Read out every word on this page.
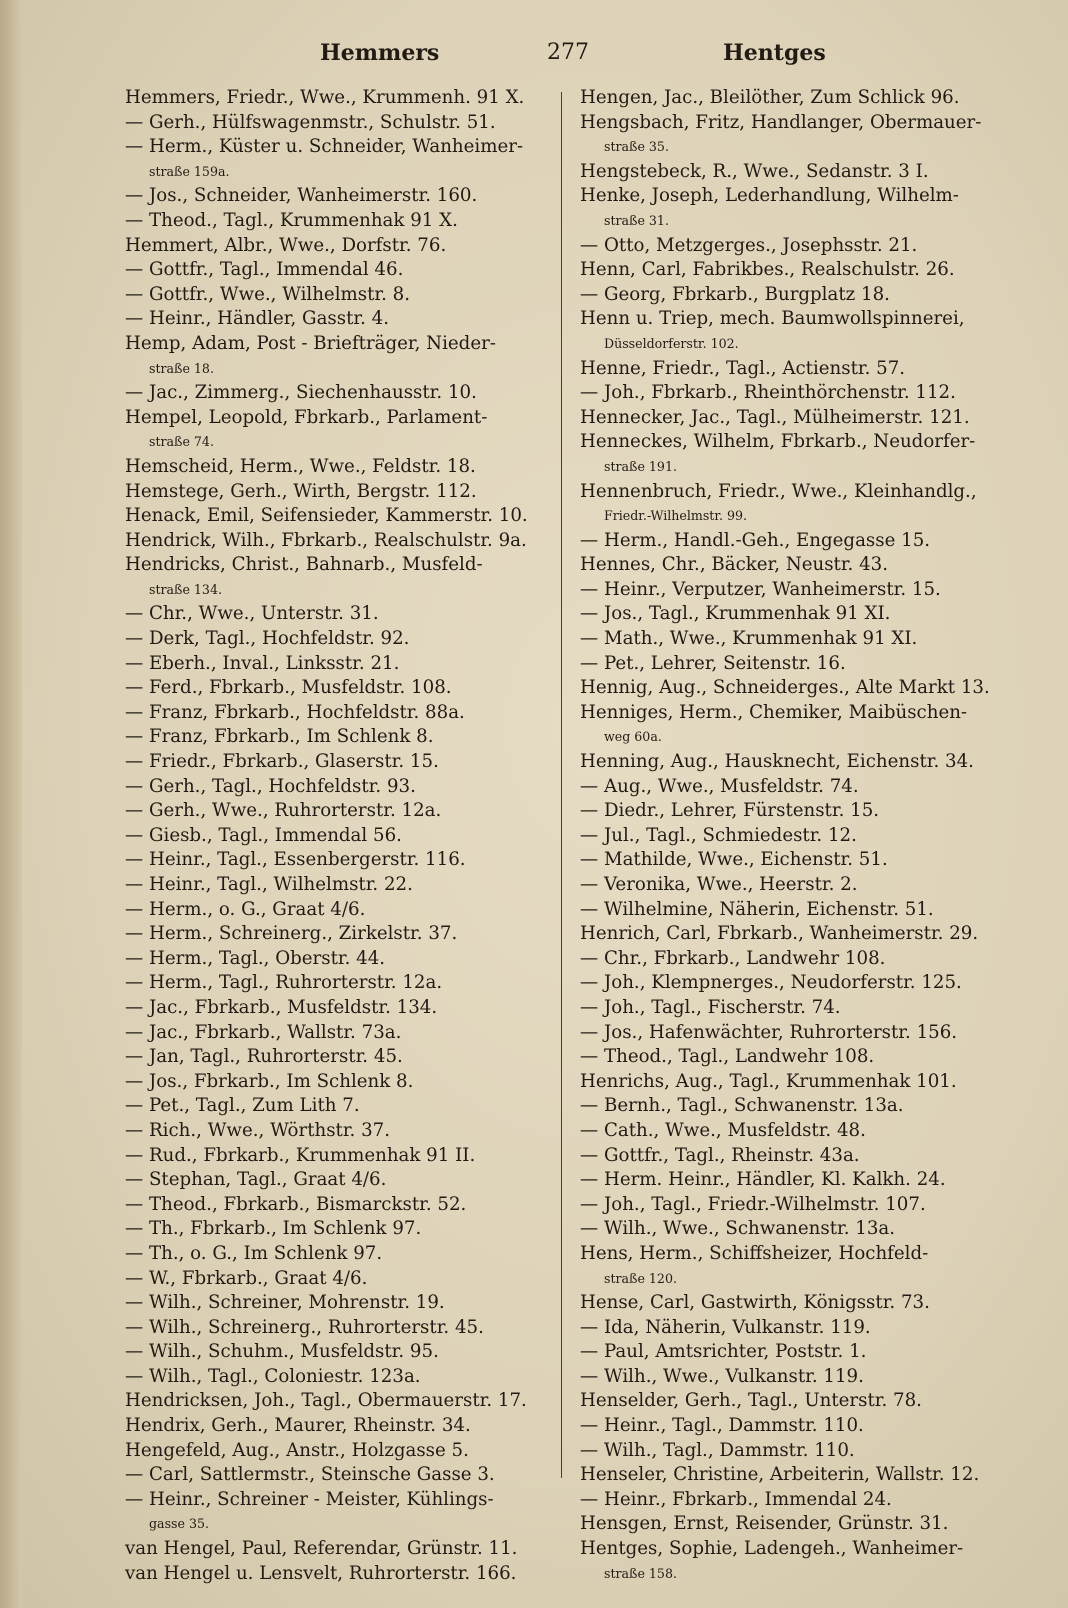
Hemmers	277	Hentges
Hemmers, Friedr., Wwe., Krummenh. 91 X.
— Gerh., Hülfswagenmstr., Schulstr. 51.
— Herm., Küster u. Schneider, Wanheimer-
straße 159a.
— Jos., Schneider, Wanheimerstr. 160.
— Theod., Tagl., Krummenhak 91 X.
Hemmert, Albr., Wwe., Dorfstr. 76.
— Gottfr., Tagl., Immendal 46.
— Gottfr., Wwe., Wilhelmstr. 8.
— Heinr., Händler, Gasstr. 4.
Hemp, Adam, Post - Briefträger, Nieder-
straße 18.
— Jac., Zimmerg., Siechenhausstr. 10.
Hempel, Leopold, Fbrkarb., Parlament-
straße 74.
Hemscheid, Herm., Wwe., Feldstr. 18.
Hemstege, Gerh., Wirth, Bergstr. 112.
Henack, Emil, Seifensieder, Kammerstr. 10.
Hendrick, Wilh., Fbrkarb., Realschulstr. 9a.
Hendricks, Christ., Bahnarb., Musfeld-
straße 134.
— Chr., Wwe., Unterstr. 31.
— Derk, Tagl., Hochfeldstr. 92.
— Eberh., Inval., Linksstr. 21.
— Ferd., Fbrkarb., Musfeldstr. 108.
— Franz, Fbrkarb., Hochfeldstr. 88a.
— Franz, Fbrkarb., Im Schlenk 8.
— Friedr., Fbrkarb., Glaserstr. 15.
— Gerh., Tagl., Hochfeldstr. 93.
— Gerh., Wwe., Ruhrorterstr. 12a.
— Giesb., Tagl., Immendal 56.
— Heinr., Tagl., Essenbergerstr. 116.
— Heinr., Tagl., Wilhelmstr. 22.
— Herm., o. G., Graat 4/6.
— Herm., Schreinerg., Zirkelstr. 37.
— Herm., Tagl., Oberstr. 44.
— Herm., Tagl., Ruhrorterstr. 12a.
— Jac., Fbrkarb., Musfeldstr. 134.
— Jac., Fbrkarb., Wallstr. 73a.
— Jan, Tagl., Ruhrorterstr. 45.
— Jos., Fbrkarb., Im Schlenk 8.
— Pet., Tagl., Zum Lith 7.
— Rich., Wwe., Wörthstr. 37.
— Rud., Fbrkarb., Krummenhak 91 II.
— Stephan, Tagl., Graat 4/6.
— Theod., Fbrkarb., Bismarckstr. 52.
— Th., Fbrkarb., Im Schlenk 97.
— Th., o. G., Im Schlenk 97.
— W., Fbrkarb., Graat 4/6.
— Wilh., Schreiner, Mohrenstr. 19.
— Wilh., Schreinerg., Ruhrorterstr. 45.
— Wilh., Schuhm., Musfeldstr. 95.
— Wilh., Tagl., Coloniestr. 123a.
Hendricksen, Joh., Tagl., Obermauerstr. 17.
Hendrix, Gerh., Maurer, Rheinstr. 34.
Hengefeld, Aug., Anstr., Holzgasse 5.
— Carl, Sattlermstr., Steinsche Gasse 3.
— Heinr., Schreiner - Meister, Kühlings-
gasse 35.
van Hengel, Paul, Referendar, Grünstr. 11.
van Hengel u. Lensvelt, Ruhrorterstr. 166.
Hengen, Jac., Bleilöther, Zum Schlick 96.
Hengsbach, Fritz, Handlanger, Obermauer-
straße 35.
Hengstebeck, R., Wwe., Sedanstr. 3 I.
Henke, Joseph, Lederhandlung, Wilhelm-
straße 31.
— Otto, Metzgerges., Josephsstr. 21.
Henn, Carl, Fabrikbes., Realschulstr. 26.
— Georg, Fbrkarb., Burgplatz 18.
Henn u. Triep, mech. Baumwollspinnerei,
Düsseldorferstr. 102.
Henne, Friedr., Tagl., Actienstr. 57.
— Joh., Fbrkarb., Rheinthörchenstr. 112.
Hennecker, Jac., Tagl., Mülheimerstr. 121.
Henneckes, Wilhelm, Fbrkarb., Neudorfer-
straße 191.
Hennenbruch, Friedr., Wwe., Kleinhandlg.,
Friedr.-Wilhelmstr. 99.
— Herm., Handl.-Geh., Engegasse 15.
Hennes, Chr., Bäcker, Neustr. 43.
— Heinr., Verputzer, Wanheimerstr. 15.
— Jos., Tagl., Krummenhak 91 XI.
— Math., Wwe., Krummenhak 91 XI.
— Pet., Lehrer, Seitenstr. 16.
Hennig, Aug., Schneiderges., Alte Markt 13.
Henniges, Herm., Chemiker, Maibüschen-
weg 60a.
Henning, Aug., Hausknecht, Eichenstr. 34.
— Aug., Wwe., Musfeldstr. 74.
— Diedr., Lehrer, Fürstenstr. 15.
— Jul., Tagl., Schmiedestr. 12.
— Mathilde, Wwe., Eichenstr. 51.
— Veronika, Wwe., Heerstr. 2.
— Wilhelmine, Näherin, Eichenstr. 51.
Henrich, Carl, Fbrkarb., Wanheimerstr. 29.
— Chr., Fbrkarb., Landwehr 108.
— Joh., Klempnerges., Neudorferstr. 125.
— Joh., Tagl., Fischerstr. 74.
— Jos., Hafenwächter, Ruhrorterstr. 156.
— Theod., Tagl., Landwehr 108.
Henrichs, Aug., Tagl., Krummenhak 101.
— Bernh., Tagl., Schwanenstr. 13a.
— Cath., Wwe., Musfeldstr. 48.
— Gottfr., Tagl., Rheinstr. 43a.
— Herm. Heinr., Händler, Kl. Kalkh. 24.
— Joh., Tagl., Friedr.-Wilhelmstr. 107.
— Wilh., Wwe., Schwanenstr. 13a.
Hens, Herm., Schiffsheizer, Hochfeld-
straße 120.
Hense, Carl, Gastwirth, Königsstr. 73.
— Ida, Näherin, Vulkanstr. 119.
— Paul, Amtsrichter, Poststr. 1.
— Wilh., Wwe., Vulkanstr. 119.
Henselder, Gerh., Tagl., Unterstr. 78.
— Heinr., Tagl., Dammstr. 110.
— Wilh., Tagl., Dammstr. 110.
Henseler, Christine, Arbeiterin, Wallstr. 12.
— Heinr., Fbrkarb., Immendal 24.
Hensgen, Ernst, Reisender, Grünstr. 31.
Hentges, Sophie, Ladengeh., Wanheimer-
straße 158.
